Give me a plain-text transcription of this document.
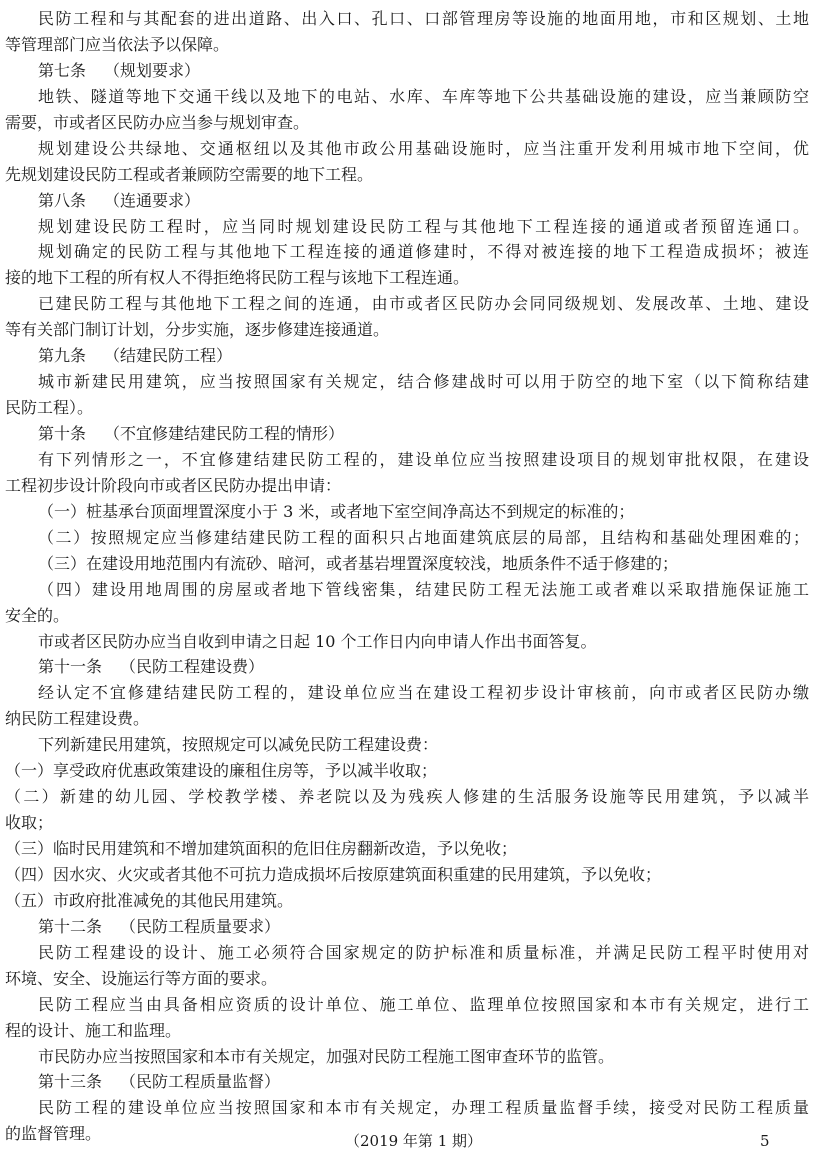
民防工程和与其配套的进出道路、出入口、孔口、口部管理房等设施的地面用地，市和区规划、土地
等管理部门应当依法予以保障。
第七条 （规划要求）
地铁、隧道等地下交通干线以及地下的电站、水库、车库等地下公共基础设施的建设，应当兼顾防空
需要，市或者区民防办应当参与规划审查。
规划建设公共绿地、交通枢纽以及其他市政公用基础设施时，应当注重开发利用城市地下空间，优
先规划建设民防工程或者兼顾防空需要的地下工程。
第八条 （连通要求）
规划建设民防工程时，应当同时规划建设民防工程与其他地下工程连接的通道或者预留连通口。
规划确定的民防工程与其他地下工程连接的通道修建时，不得对被连接的地下工程造成损坏；被连
接的地下工程的所有权人不得拒绝将民防工程与该地下工程连通。
已建民防工程与其他地下工程之间的连通，由市或者区民防办会同同级规划、发展改革、土地、建设
等有关部门制订计划，分步实施，逐步修建连接通道。
第九条 （结建民防工程）
城市新建民用建筑，应当按照国家有关规定，结合修建战时可以用于防空的地下室（以下简称结建
民防工程）。
第十条 （不宜修建结建民防工程的情形）
有下列情形之一，不宜修建结建民防工程的，建设单位应当按照建设项目的规划审批权限，在建设
工程初步设计阶段向市或者区民防办提出申请：
（一）桩基承台顶面埋置深度小于 3 米，或者地下室空间净高达不到规定的标准的；
（二）按照规定应当修建结建民防工程的面积只占地面建筑底层的局部，且结构和基础处理困难的；
（三）在建设用地范围内有流砂、暗河，或者基岩埋置深度较浅，地质条件不适于修建的；
（四）建设用地周围的房屋或者地下管线密集，结建民防工程无法施工或者难以采取措施保证施工
安全的。
市或者区民防办应当自收到申请之日起 10 个工作日内向申请人作出书面答复。
第十一条 （民防工程建设费）
经认定不宜修建结建民防工程的，建设单位应当在建设工程初步设计审核前，向市或者区民防办缴
纳民防工程建设费。
下列新建民用建筑，按照规定可以减免民防工程建设费：
（一）享受政府优惠政策建设的廉租住房等，予以减半收取；
（二）新建的幼儿园、学校教学楼、养老院以及为残疾人修建的生活服务设施等民用建筑，予以减半
收取；
（三）临时民用建筑和不增加建筑面积的危旧住房翻新改造，予以免收；
（四）因水灾、火灾或者其他不可抗力造成损坏后按原建筑面积重建的民用建筑，予以免收；
（五）市政府批准减免的其他民用建筑。
第十二条 （民防工程质量要求）
民防工程建设的设计、施工必须符合国家规定的防护标准和质量标准，并满足民防工程平时使用对
环境、安全、设施运行等方面的要求。
民防工程应当由具备相应资质的设计单位、施工单位、监理单位按照国家和本市有关规定，进行工
程的设计、施工和监理。
市民防办应当按照国家和本市有关规定，加强对民防工程施工图审查环节的监管。
第十三条 （民防工程质量监督）
民防工程的建设单位应当按照国家和本市有关规定，办理工程质量监督手续，接受对民防工程质量
的监督管理。	（2019 年第 1 期）	5
